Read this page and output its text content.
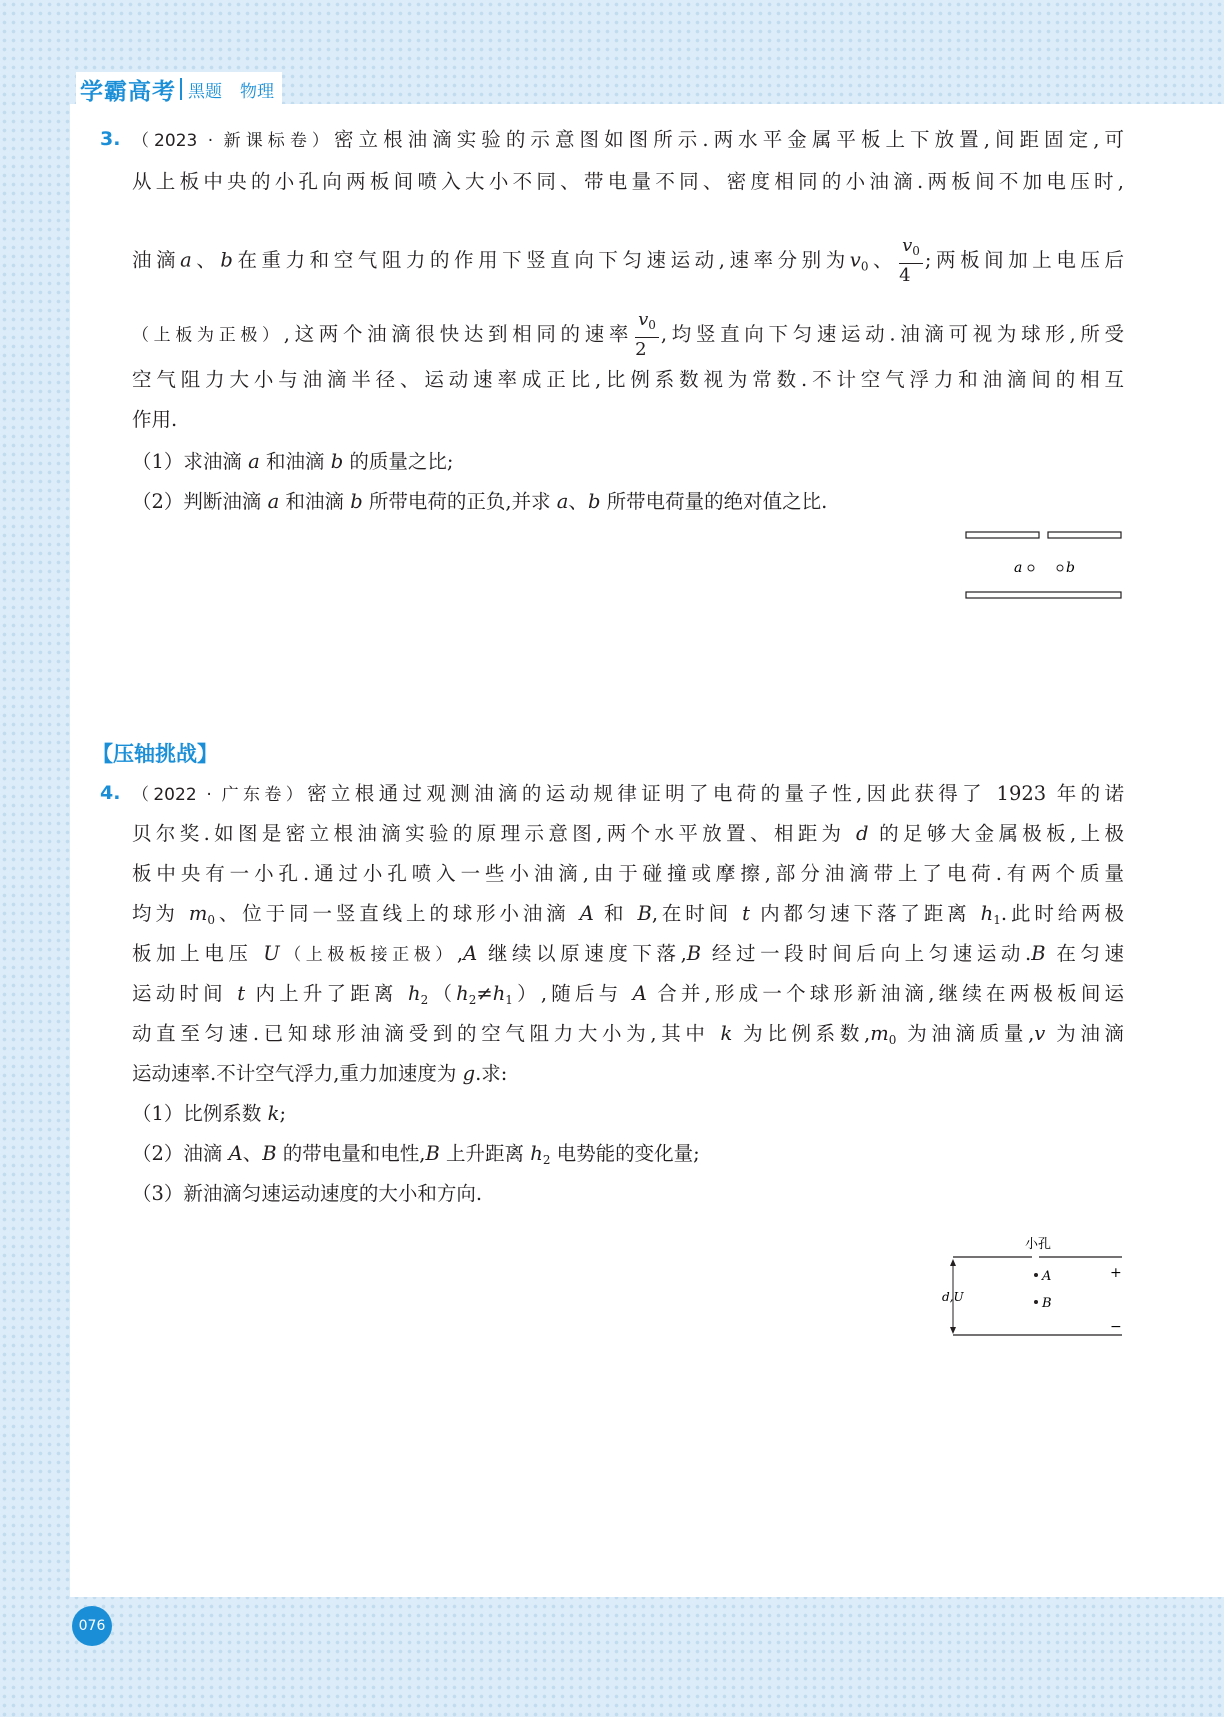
学霸高考 黑题 物理
3. （2023 · 新课标卷）密立根油滴实验的示意图如图所示.两水平金属平板上下放置,间距固定,可
从上板中央的小孔向两板间喷入大小不同、带电量不同、密度相同的小油滴.两板间不加电压时,
油滴a、b在重力和空气阻力的作用下竖直向下匀速运动,速率分别为$v_0$、 $\frac{v_0}{4}$ ;两板间加上电压后
（上板为正极）,这两个油滴很快达到相同的速率 $\frac{v_0}{2}$ ,均竖直向下匀速运动.油滴可视为球形,所受
空气阻力大小与油滴半径、运动速率成正比,比例系数视为常数.不计空气浮力和油滴间的相互
作用.
（1）求油滴 a 和油滴 b 的质量之比;
（2）判断油滴 a 和油滴 b 所带电荷的正负,并求 a、b 所带电荷量的绝对值之比.
a	b
【压轴挑战】
4. （2022 · 广东卷）密立根通过观测油滴的运动规律证明了电荷的量子性,因此获得了 1923 年的诺
贝尔奖.如图是密立根油滴实验的原理示意图,两个水平放置、相距为 d 的足够大金属极板,上极
板中央有一小孔.通过小孔喷入一些小油滴,由于碰撞或摩擦,部分油滴带上了电荷.有两个质量
均为 $m_0$、位于同一竖直线上的球形小油滴 A 和 B,在时间 t 内都匀速下落了距离 $h_1$.此时给两极
板加上电压 U（上极板接正极）,A 继续以原速度下落,B 经过一段时间后向上匀速运动.B 在匀速
运动时间 t 内上升了距离 $h_2(h_2\ne h_1)$,随后与 A 合并,形成一个球形新油滴,继续在两极板间运
动直至匀速.已知球形油滴受到的空气阻力大小为,其中 k 为比例系数$,m_0$ 为油滴质量,v 为油滴
运动速率.不计空气浮力,重力加速度为 g.求:
（1）比例系数 k;
（2）油滴 A、B 的带电量和电性,B 上升距离 $h_2$ 电势能的变化量;
（3）新油滴匀速运动速度的大小和方向.
小孔
+
A
B
−
d,U
076
